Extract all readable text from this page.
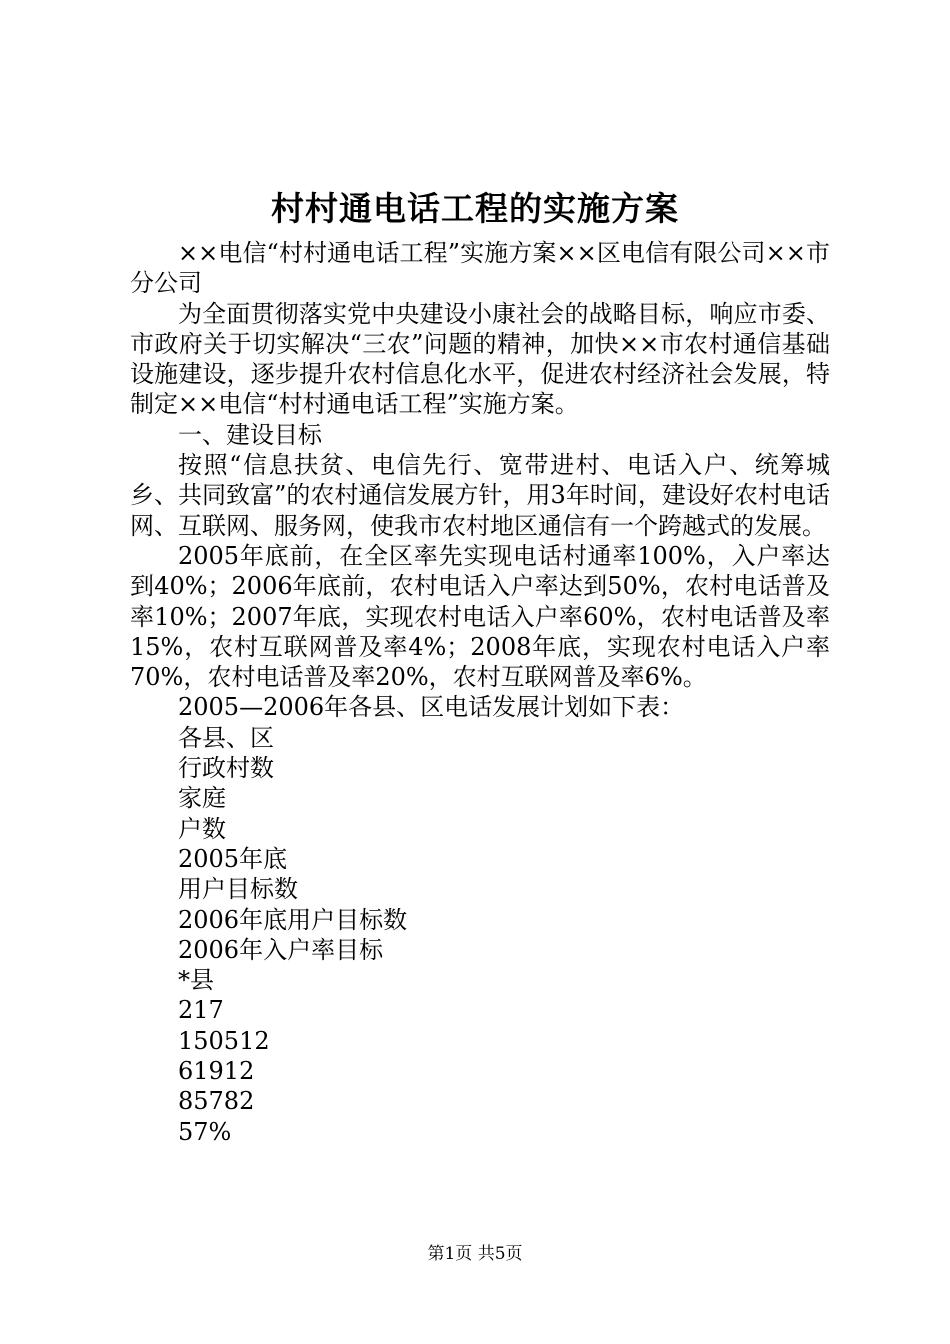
村村通电话工程的实施方案

××电信“村村通电话工程”实施方案××区电信有限公司××市分公司

为全面贯彻落实党中央建设小康社会的战略目标，响应市委、市政府关于切实解决“三农”问题的精神，加快××市农村通信基础设施建设，逐步提升农村信息化水平，促进农村经济社会发展，特制定××电信“村村通电话工程”实施方案。

一、建设目标

按照“信息扶贫、电信先行、宽带进村、电话入户、统筹城乡、共同致富”的农村通信发展方针，用3年时间，建设好农村电话网、互联网、服务网，使我市农村地区通信有一个跨越式的发展。

2005年底前，在全区率先实现电话村通率100%，入户率达到40%；2006年底前，农村电话入户率达到50%，农村电话普及率10%；2007年底，实现农村电话入户率60%，农村电话普及率15%，农村互联网普及率4%；2008年底，实现农村电话入户率70%，农村电话普及率20%，农村互联网普及率6%。

2005—2006年各县、区电话发展计划如下表：

各县、区
行政村数
家庭
户数
2005年底
用户目标数
2006年底用户目标数
2006年入户率目标
*县
217
150512
61912
85782
57%
第1页 共5页
